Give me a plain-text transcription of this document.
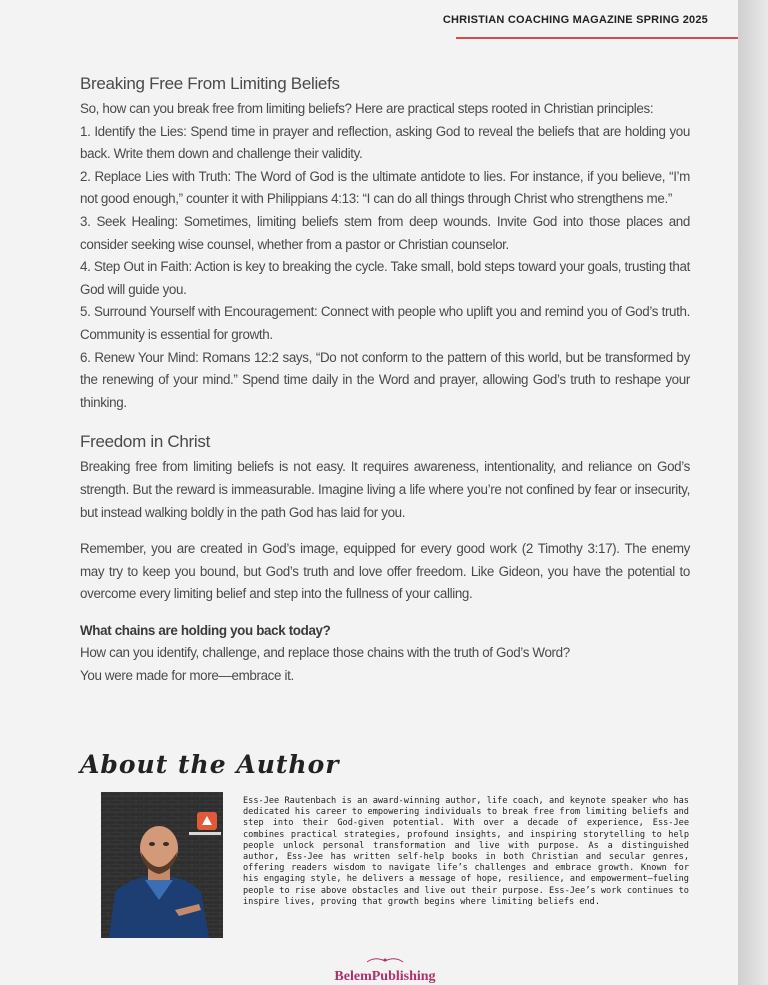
CHRISTIAN COACHING MAGAZINE SPRING 2025
Breaking Free From Limiting Beliefs

So, how can you break free from limiting beliefs? Here are practical steps rooted in Christian principles:

1. Identify the Lies: Spend time in prayer and reflection, asking God to reveal the beliefs that are holding you back. Write them down and challenge their validity.

2. Replace Lies with Truth: The Word of God is the ultimate antidote to lies. For instance, if you believe, “I’m not good enough,” counter it with Philippians 4:13: “I can do all things through Christ who strengthens me.”

3. Seek Healing: Sometimes, limiting beliefs stem from deep wounds. Invite God into those places and consider seeking wise counsel, whether from a pastor or Christian counselor.

4. Step Out in Faith: Action is key to breaking the cycle. Take small, bold steps toward your goals, trusting that God will guide you.

5. Surround Yourself with Encouragement: Connect with people who uplift you and remind you of God’s truth. Community is essential for growth.

6. Renew Your Mind: Romans 12:2 says, “Do not conform to the pattern of this world, but be transformed by the renewing of your mind.” Spend time daily in the Word and prayer, allowing God’s truth to reshape your thinking.

Freedom in Christ

Breaking free from limiting beliefs is not easy. It requires awareness, intentionality, and reliance on God’s strength. But the reward is immeasurable. Imagine living a life where you’re not confined by fear or insecurity, but instead walking boldly in the path God has laid for you.

Remember, you are created in God’s image, equipped for every good work (2 Timothy 3:17). The enemy may try to keep you bound, but God’s truth and love offer freedom. Like Gideon, you have the potential to overcome every limiting belief and step into the fullness of your calling.

What chains are holding you back today?

How can you identify, challenge, and replace those chains with the truth of God’s Word?

You were made for more—embrace it.

About the Author
Ess-Jee Rautenbach is an award-winning author, life coach, and keynote speaker who has dedicated his career to empowering individuals to break free from limiting beliefs and step into their God-given potential. With over a decade of experience, Ess-Jee combines practical strategies, profound insights, and inspiring storytelling to help people unlock personal transformation and live with purpose. As a distinguished author, Ess-Jee has written self-help books in both Christian and secular genres, offering readers wisdom to navigate life’s challenges and embrace growth. Known for his engaging style, he delivers a message of hope, resilience, and empowerment—fueling people to rise above obstacles and live out their purpose. Ess-Jee’s work continues to inspire lives, proving that growth begins where limiting beliefs end.
BelemPublishing
